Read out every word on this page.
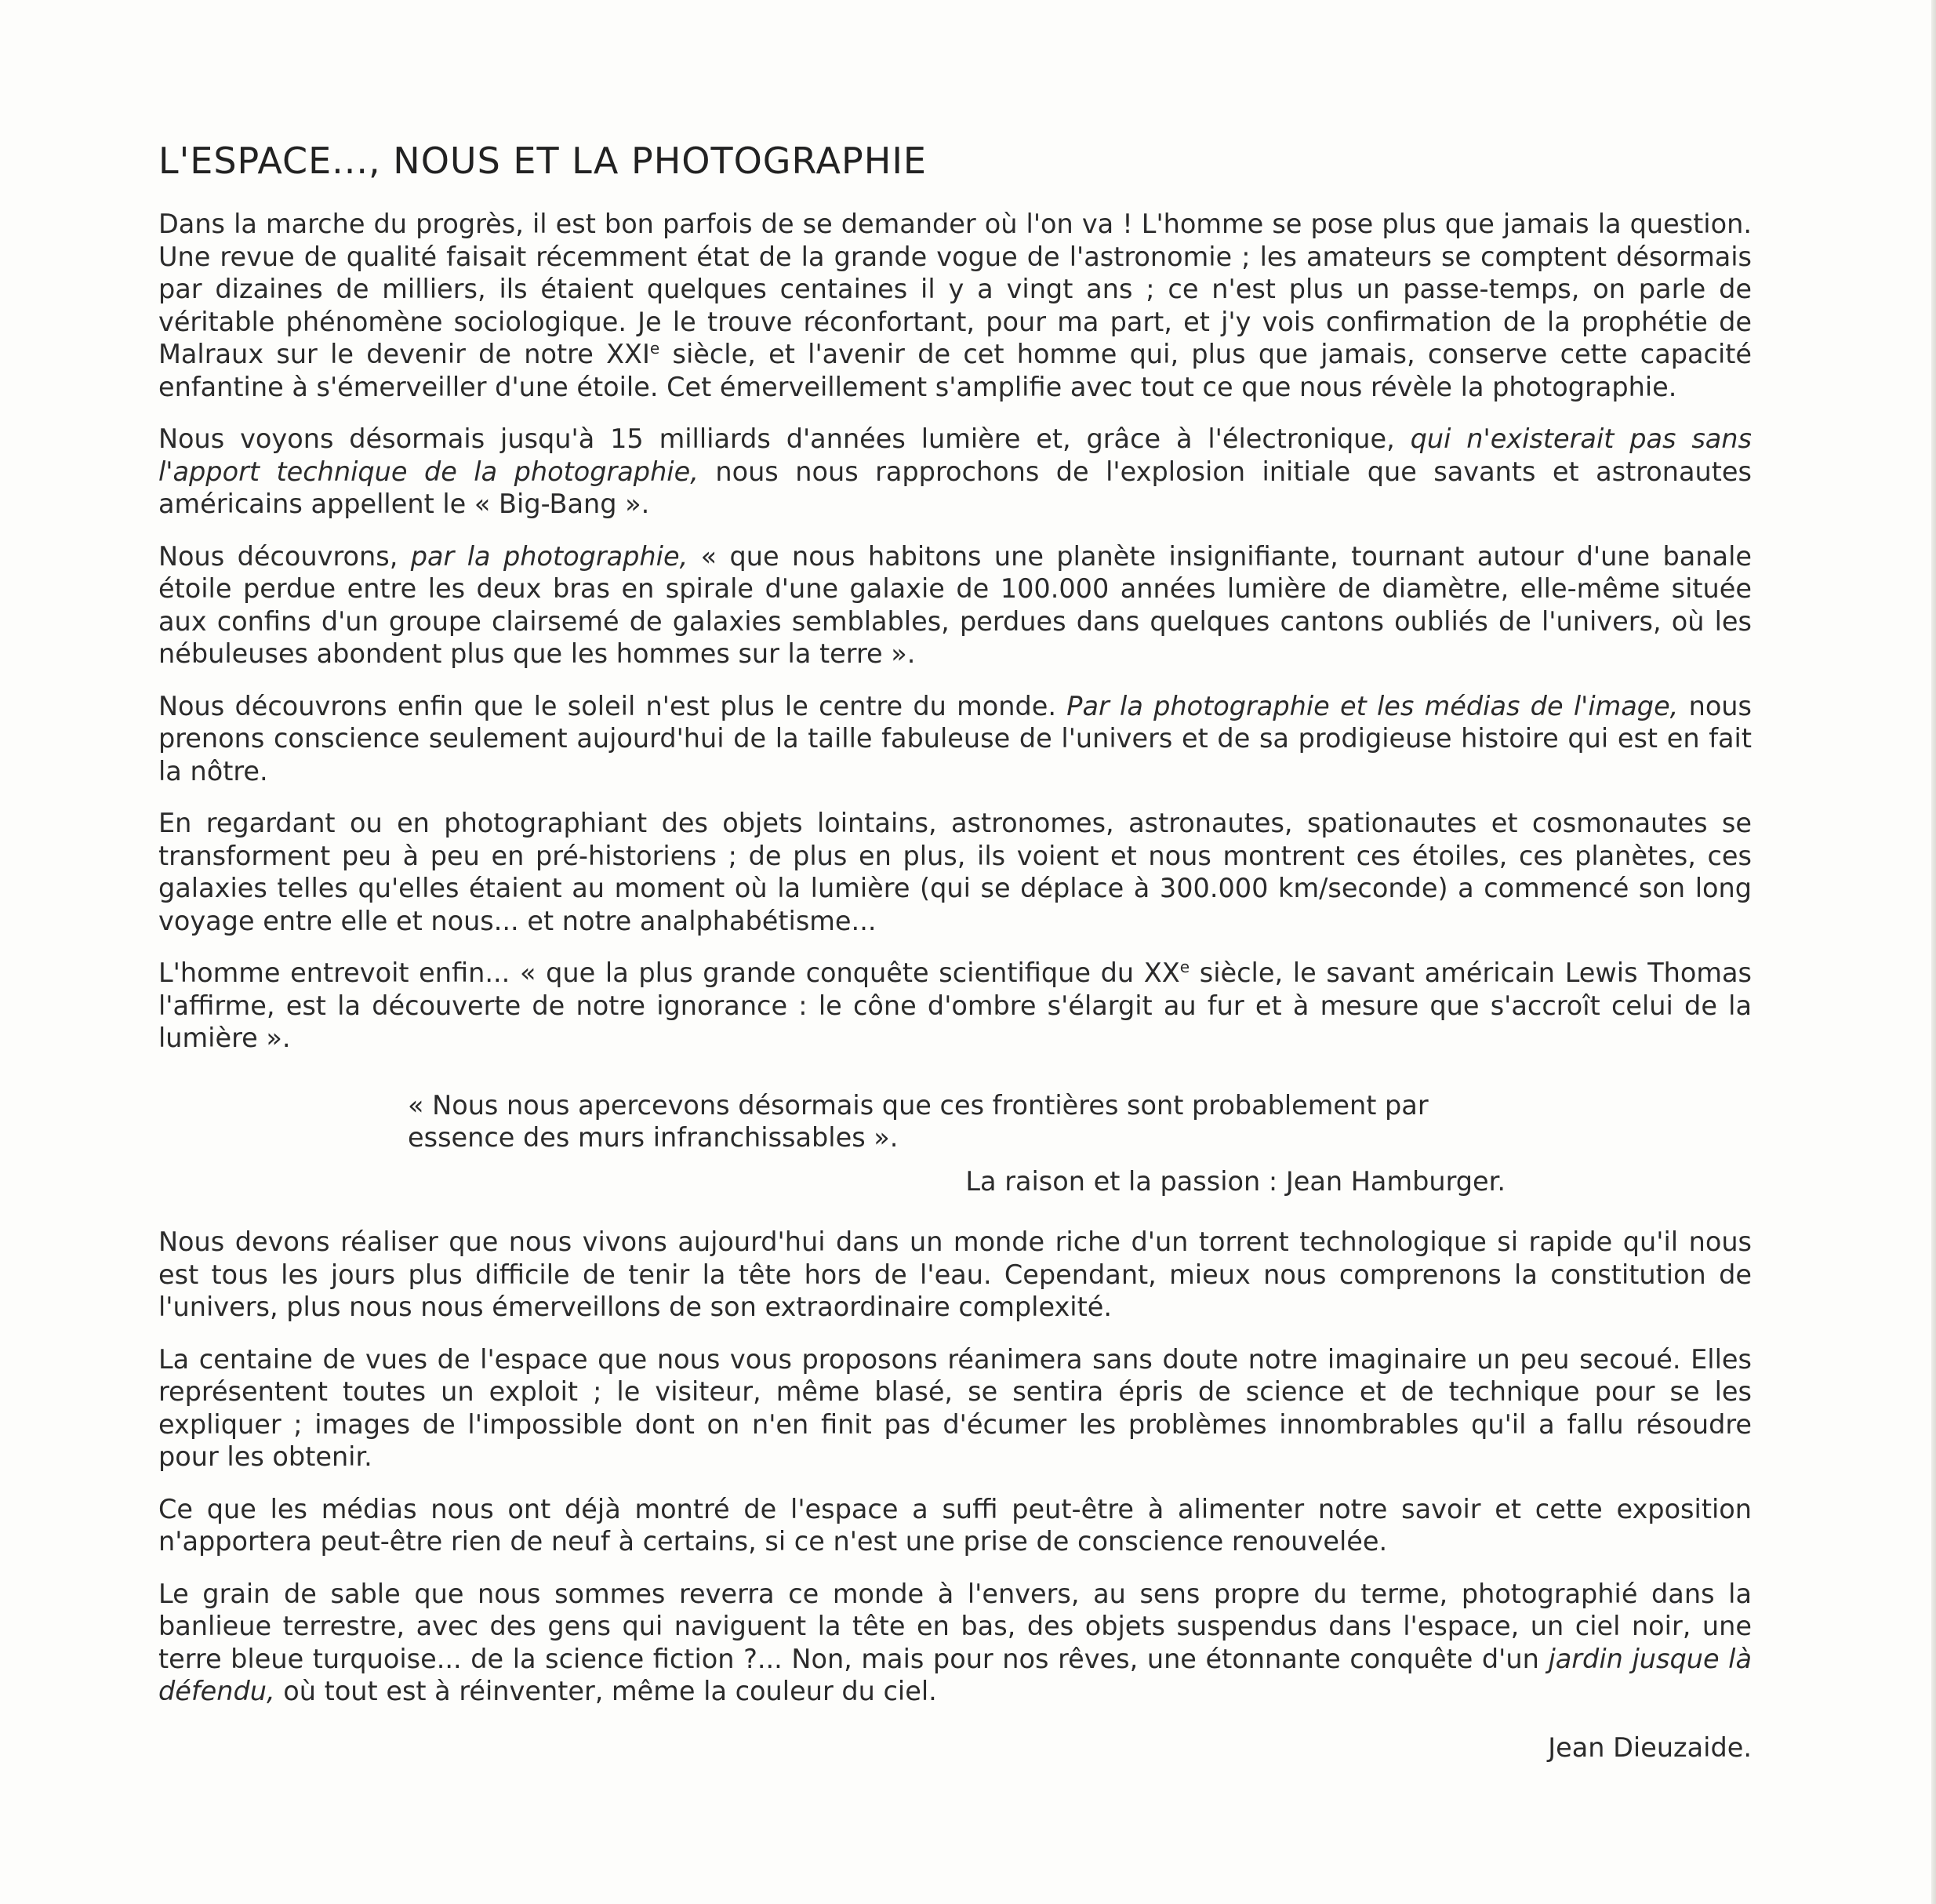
L'ESPACE..., NOUS ET LA PHOTOGRAPHIE

Dans la marche du progrès, il est bon parfois de se demander où l'on va ! L'homme se pose plus que jamais la question. Une revue de qualité faisait récemment état de la grande vogue de l'astronomie ; les amateurs se comptent désormais par dizaines de milliers, ils étaient quelques centaines il y a vingt ans ; ce n'est plus un passe-temps, on parle de véritable phénomène sociologique. Je le trouve réconfortant, pour ma part, et j'y vois confirmation de la prophétie de Malraux sur le devenir de notre XXIe siècle, et l'avenir de cet homme qui, plus que jamais, conserve cette capacité enfantine à s'émerveiller d'une étoile. Cet émerveillement s'amplifie avec tout ce que nous révèle la photographie.

Nous voyons désormais jusqu'à 15 milliards d'années lumière et, grâce à l'électronique, qui n'existerait pas sans l'apport technique de la photographie, nous nous rapprochons de l'explosion initiale que savants et astronautes américains appellent le « Big-Bang ».

Nous découvrons, par la photographie, « que nous habitons une planète insignifiante, tournant autour d'une banale étoile perdue entre les deux bras en spirale d'une galaxie de 100.000 années lumière de diamètre, elle-même située aux confins d'un groupe clairsemé de galaxies semblables, perdues dans quelques cantons oubliés de l'univers, où les nébuleuses abondent plus que les hommes sur la terre ».

Nous découvrons enfin que le soleil n'est plus le centre du monde. Par la photographie et les médias de l'image, nous prenons conscience seulement aujourd'hui de la taille fabuleuse de l'univers et de sa prodigieuse histoire qui est en fait la nôtre.

En regardant ou en photographiant des objets lointains, astronomes, astronautes, spationautes et cosmonautes se transforment peu à peu en pré-historiens ; de plus en plus, ils voient et nous montrent ces étoiles, ces planètes, ces galaxies telles qu'elles étaient au moment où la lumière (qui se déplace à 300.000 km/seconde) a commencé son long voyage entre elle et nous... et notre analphabétisme...

L'homme entrevoit enfin... « que la plus grande conquête scientifique du XXe siècle, le savant américain Lewis Thomas l'affirme, est la découverte de notre ignorance : le cône d'ombre s'élargit au fur et à mesure que s'accroît celui de la lumière ».

« Nous nous apercevons désormais que ces frontières sont probablement par essence des murs infranchissables ».

La raison et la passion : Jean Hamburger.

Nous devons réaliser que nous vivons aujourd'hui dans un monde riche d'un torrent technologique si rapide qu'il nous est tous les jours plus difficile de tenir la tête hors de l'eau. Cependant, mieux nous comprenons la constitution de l'univers, plus nous nous émerveillons de son extraordinaire complexité.

La centaine de vues de l'espace que nous vous proposons réanimera sans doute notre imaginaire un peu secoué. Elles représentent toutes un exploit ; le visiteur, même blasé, se sentira épris de science et de technique pour se les expliquer ; images de l'impossible dont on n'en finit pas d'écumer les problèmes innombrables qu'il a fallu résoudre pour les obtenir.

Ce que les médias nous ont déjà montré de l'espace a suffi peut-être à alimenter notre savoir et cette exposition n'apportera peut-être rien de neuf à certains, si ce n'est une prise de conscience renouvelée.

Le grain de sable que nous sommes reverra ce monde à l'envers, au sens propre du terme, photographié dans la banlieue terrestre, avec des gens qui naviguent la tête en bas, des objets suspendus dans l'espace, un ciel noir, une terre bleue turquoise... de la science fiction ?... Non, mais pour nos rêves, une étonnante conquête d'un jardin jusque là défendu, où tout est à réinventer, même la couleur du ciel.

Jean Dieuzaide.
